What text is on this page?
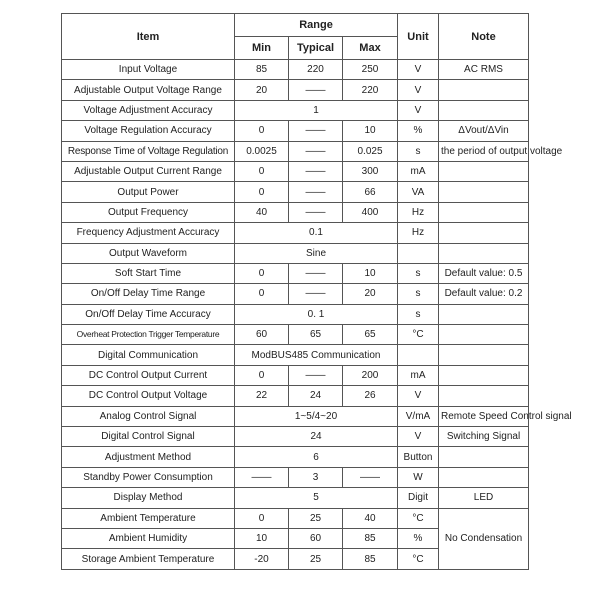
Item	Range			Unit	Note
	Min	Typical	Max		
Input Voltage	85	220	250	V	AC RMS
Adjustable Output Voltage Range	20	——	220	V	
Voltage Adjustment Accuracy	1			V	
Voltage Regulation Accuracy	0	——	10	%	ΔVout/ΔVin
Response Time of Voltage Regulation	0.0025	——	0.025	s	the period of output voltage
Adjustable Output Current Range	0	——	300	mA	
Output Power	0	——	66	VA	
Output Frequency	40	——	400	Hz	
Frequency Adjustment Accuracy	0.1			Hz	
Output Waveform	Sine				
Soft Start Time	0	——	10	s	Default value: 0.5
On/Off Delay Time Range	0	——	20	s	Default value: 0.2
On/Off Delay Time Accuracy	0. 1			s	
Overheat Protection Trigger Temperature	60	65	65	°C	
Digital Communication	ModBUS485 Communication				
DC Control Output Current	0	——	200	mA	
DC Control Output Voltage	22	24	26	V	
Analog Control Signal	1~5/4~20			V/mA	Remote Speed Control signal
Digital Control Signal	24			V	Switching Signal
Adjustment Method	6			Button	
Standby Power Consumption	——	3	——	W	
Display Method	5			Digit	LED
Ambient Temperature	0	25	40	°C	No Condensation
Ambient Humidity	10	60	85	%	
Storage Ambient Temperature	-20	25	85	°C	
